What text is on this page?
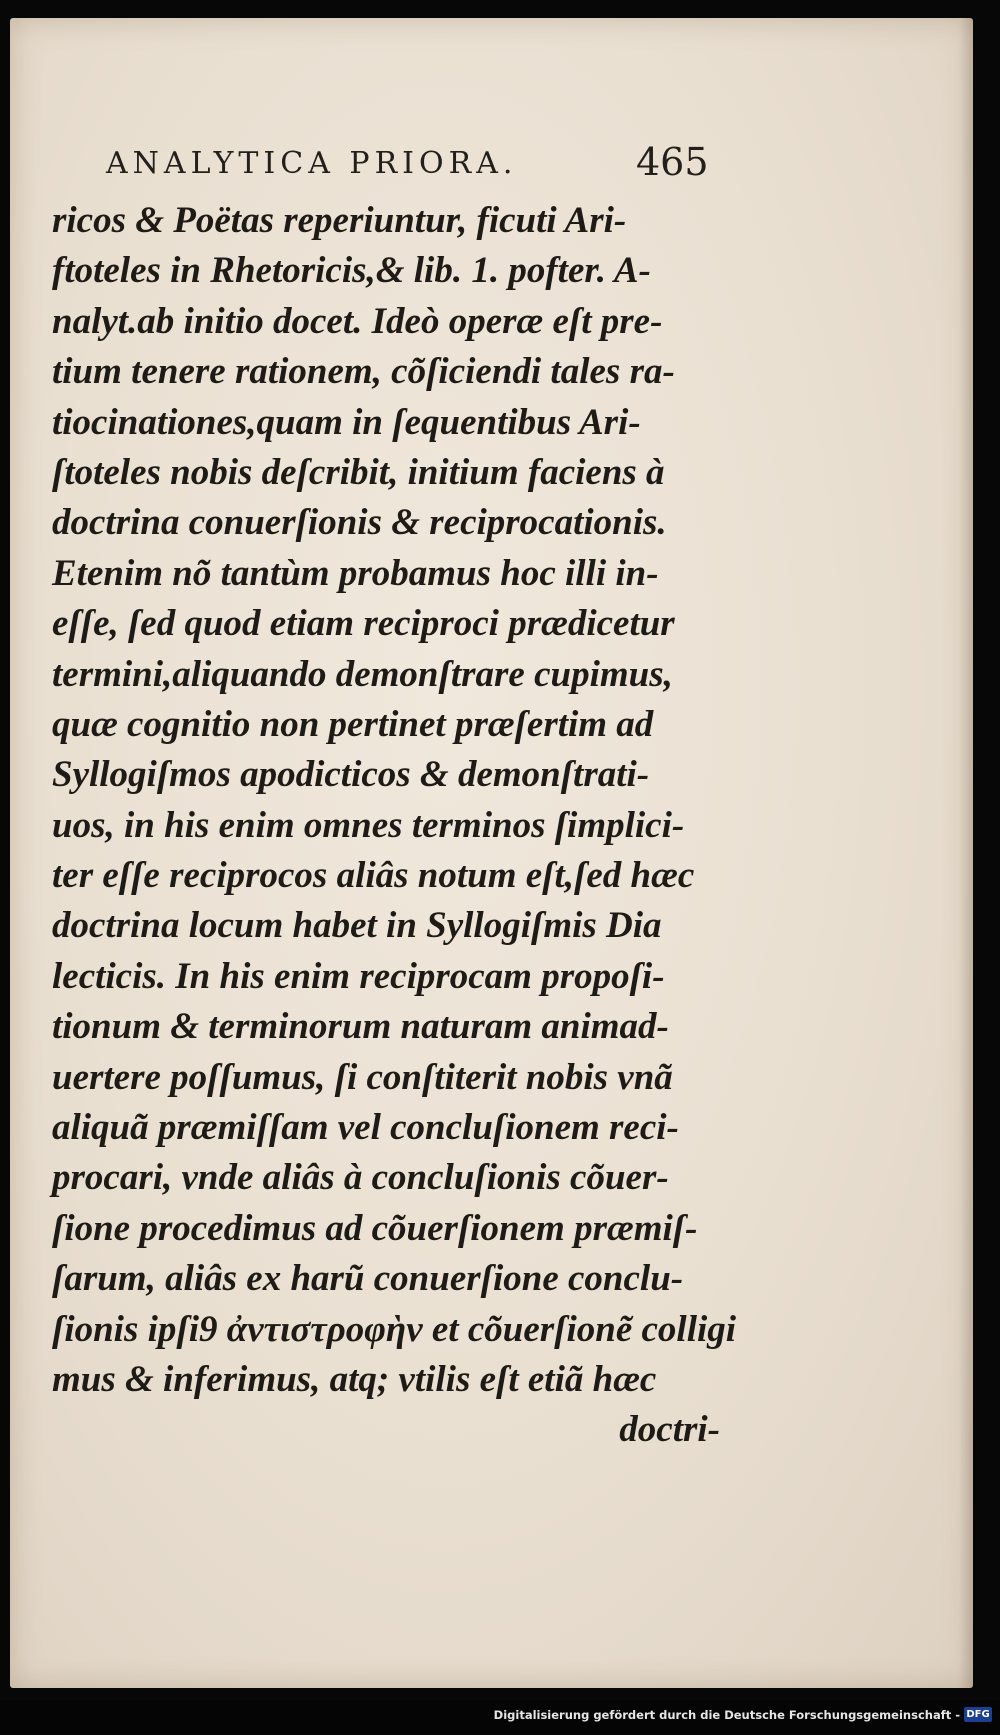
ANALYTICA PRIORA.	465
ricos & Poëtas reperiuntur, ficuti Ari-
ftoteles in Rhetoricis,& lib. 1. pofter. A-
nalyt.ab initio docet. Ideò operæ eſt pre-
tium tenere rationem, cõſiciendi tales ra-
tiocinationes,quam in ſequentibus Ari-
ſtoteles nobis deſcribit, initium faciens à
doctrina conuerſionis & reciprocationis.
Etenim nõ tantùm probamus hoc illi in-
eſſe, ſed quod etiam reciproci prædicetur
termini,aliquando demonſtrare cupimus,
quæ cognitio non pertinet præſertim ad
Syllogiſmos apodicticos & demonſtrati-
uos, in his enim omnes terminos ſimplici-
ter eſſe reciprocos aliâs notum eſt,ſed hæc
doctrina locum habet in Syllogiſmis Dia
lecticis. In his enim reciprocam propoſi-
tionum & terminorum naturam animad-
uertere poſſumus, ſi conſtiterit nobis vnã
aliquã præmiſſam vel concluſionem reci-
procari, vnde aliâs à concluſionis cõuer-
ſione procedimus ad cõuerſionem præmiſ-
ſarum, aliâs ex harũ conuerſione conclu-
ſionis ipſi9 ἀντιστροφὴν et cõuerſionẽ colligi
mus & inferimus, atq; vtilis eſt etiã hæc
doctri-
Digitalisierung gefördert durch die Deutsche Forschungsgemeinschaft - DFG
